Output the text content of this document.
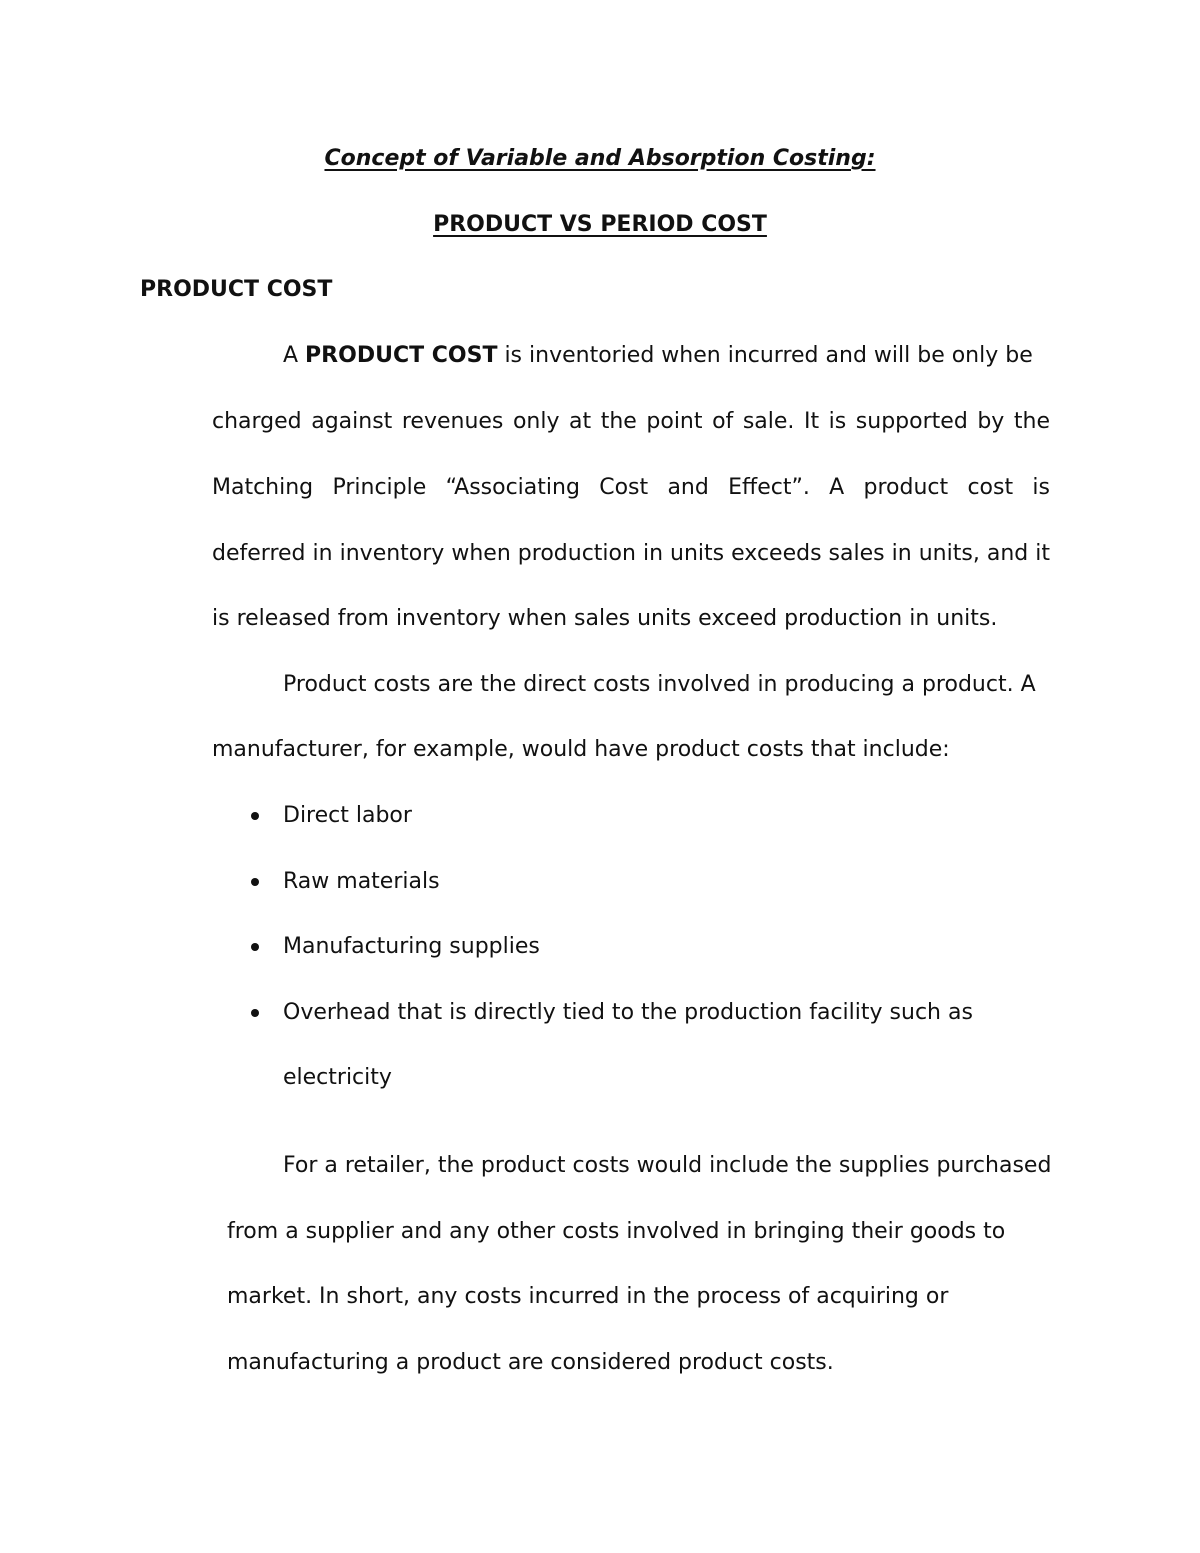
Concept of Variable and Absorption Costing:
PRODUCT VS PERIOD COST
PRODUCT COST
A PRODUCT COST is inventoried when incurred and will be only be
charged against revenues only at the point of sale. It is supported by the
Matching Principle “Associating Cost and Effect”. A product cost is
deferred in inventory when production in units exceeds sales in units, and it
is released from inventory when sales units exceed production in units.
Product costs are the direct costs involved in producing a product. A
manufacturer, for example, would have product costs that include:
Direct labor
Raw materials
Manufacturing supplies
Overhead that is directly tied to the production facility such as
electricity
For a retailer, the product costs would include the supplies purchased
from a supplier and any other costs involved in bringing their goods to
market. In short, any costs incurred in the process of acquiring or
manufacturing a product are considered product costs.
